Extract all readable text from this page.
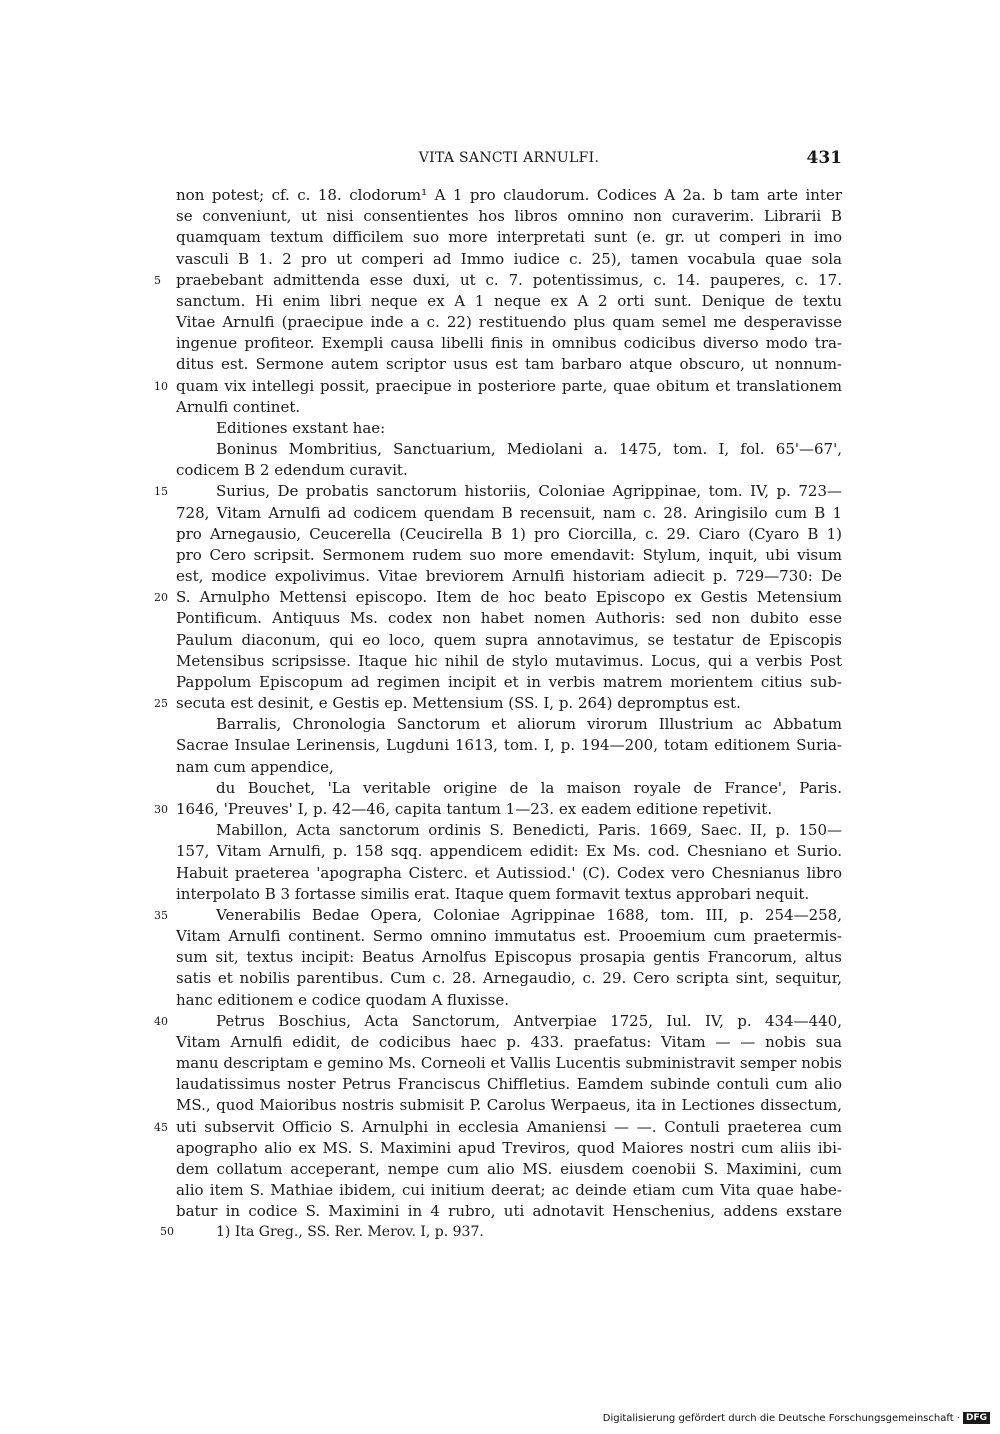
VITA SANCTI ARNULFI.	431
non potest; cf. c. 18. clodorum¹ A 1 pro claudorum. Codices A 2a. b tam arte inter
se conveniunt, ut nisi consentientes hos libros omnino non curaverim. Librarii B
quamquam textum difficilem suo more interpretati sunt (e. gr. ut comperi in imo
vasculi B 1. 2 pro ut comperi ad Immo iudice c. 25), tamen vocabula quae sola
5	praebebant admittenda esse duxi, ut c. 7. potentissimus, c. 14. pauperes, c. 17.
sanctum. Hi enim libri neque ex A 1 neque ex A 2 orti sunt. Denique de textu
Vitae Arnulfi (praecipue inde a c. 22) restituendo plus quam semel me desperavisse
ingenue profiteor. Exempli causa libelli finis in omnibus codicibus diverso modo tra-
ditus est. Sermone autem scriptor usus est tam barbaro atque obscuro, ut nonnum-
10 quam vix intellegi possit, praecipue in posteriore parte, quae obitum et translationem
Arnulfi continet.
Editiones exstant hae:
Boninus Mombritius, Sanctuarium, Mediolani a. 1475, tom. I, fol. 65'—67',
codicem B 2 edendum curavit.
15	Surius, De probatis sanctorum historiis, Coloniae Agrippinae, tom. IV, p. 723—
728, Vitam Arnulfi ad codicem quendam B recensuit, nam c. 28. Aringisilo cum B 1
pro Arnegausio, Ceucerella (Ceucirella B 1) pro Ciorcilla, c. 29. Ciaro (Cyaro B 1)
pro Cero scripsit. Sermonem rudem suo more emendavit: Stylum, inquit, ubi visum
est, modice expolivimus. Vitae breviorem Arnulfi historiam adiecit p. 729—730: De
20 S. Arnulpho Mettensi episcopo. Item de hoc beato Episcopo ex Gestis Metensium
Pontificum. Antiquus Ms. codex non habet nomen Authoris: sed non dubito esse
Paulum diaconum, qui eo loco, quem supra annotavimus, se testatur de Episcopis
Metensibus scripsisse. Itaque hic nihil de stylo mutavimus. Locus, qui a verbis Post
Pappolum Episcopum ad regimen incipit et in verbis matrem morientem citius sub-
25 secuta est desinit, e Gestis ep. Mettensium (SS. I, p. 264) depromptus est.
Barralis, Chronologia Sanctorum et aliorum virorum Illustrium ac Abbatum
Sacrae Insulae Lerinensis, Lugduni 1613, tom. I, p. 194—200, totam editionem Suria-
nam cum appendice,
du Bouchet, 'La veritable origine de la maison royale de France', Paris.
30 1646, 'Preuves' I, p. 42—46, capita tantum 1—23. ex eadem editione repetivit.
Mabillon, Acta sanctorum ordinis S. Benedicti, Paris. 1669, Saec. II, p. 150—
157, Vitam Arnulfi, p. 158 sqq. appendicem edidit: Ex Ms. cod. Chesniano et Surio.
Habuit praeterea 'apographa Cisterc. et Autissiod.' (C). Codex vero Chesnianus libro
interpolato B 3 fortasse similis erat. Itaque quem formavit textus approbari nequit.
35	Venerabilis Bedae Opera, Coloniae Agrippinae 1688, tom. III, p. 254—258,
Vitam Arnulfi continent. Sermo omnino immutatus est. Prooemium cum praetermis-
sum sit, textus incipit: Beatus Arnolfus Episcopus prosapia gentis Francorum, altus
satis et nobilis parentibus. Cum c. 28. Arnegaudio, c. 29. Cero scripta sint, sequitur,
hanc editionem e codice quodam A fluxisse.
40	Petrus Boschius, Acta Sanctorum, Antverpiae 1725, Iul. IV, p. 434—440,
Vitam Arnulfi edidit, de codicibus haec p. 433. praefatus: Vitam — — nobis sua
manu descriptam e gemino Ms. Corneoli et Vallis Lucentis subministravit semper nobis
laudatissimus noster Petrus Franciscus Chiffletius. Eamdem subinde contuli cum alio
MS., quod Maioribus nostris submisit P. Carolus Werpaeus, ita in Lectiones dissectum,
45 uti subservit Officio S. Arnulphi in ecclesia Amaniensi — —. Contuli praeterea cum
apographo alio ex MS. S. Maximini apud Treviros, quod Maiores nostri cum aliis ibi-
dem collatum acceperant, nempe cum alio MS. eiusdem coenobii S. Maximini, cum
alio item S. Mathiae ibidem, cui initium deerat; ac deinde etiam cum Vita quae habe-
batur in codice S. Maximini in 4 rubro, uti adnotavit Henschenius, addens exstare
50	1) Ita Greg., SS. Rer. Merov. I, p. 937.
Digitalisierung gefördert durch die Deutsche Forschungsgemeinschaft · DFG
